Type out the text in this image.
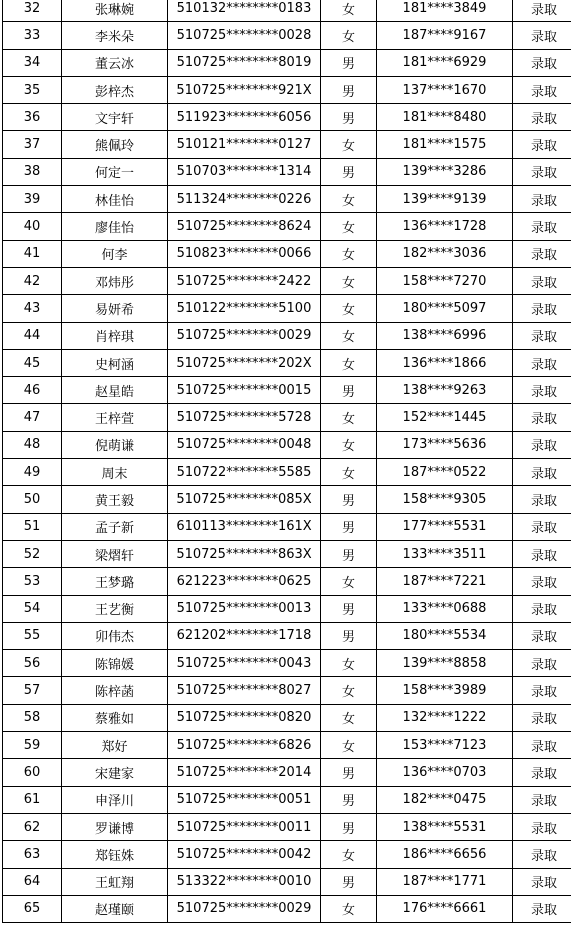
32	张琳婉	510132********0183	女	181****3849	录取
33	李米朵	510725********0028	女	187****9167	录取
34	董云冰	510725********8019	男	181****6929	录取
35	彭梓杰	510725********921X	男	137****1670	录取
36	文宇轩	511923********6056	男	181****8480	录取
37	熊佩玲	510121********0127	女	181****1575	录取
38	何定一	510703********1314	男	139****3286	录取
39	林佳怡	511324********0226	女	139****9139	录取
40	廖佳怡	510725********8624	女	136****1728	录取
41	何李	510823********0066	女	182****3036	录取
42	邓炜彤	510725********2422	女	158****7270	录取
43	易妍希	510122********5100	女	180****5097	录取
44	肖梓琪	510725********0029	女	138****6996	录取
45	史柯涵	510725********202X	女	136****1866	录取
46	赵星皓	510725********0015	男	138****9263	录取
47	王梓萱	510725********5728	女	152****1445	录取
48	倪萌谦	510725********0048	女	173****5636	录取
49	周末	510722********5585	女	187****0522	录取
50	黄王毅	510725********085X	男	158****9305	录取
51	孟子新	610113********161X	男	177****5531	录取
52	梁熠轩	510725********863X	男	133****3511	录取
53	王梦璐	621223********0625	女	187****7221	录取
54	王艺衡	510725********0013	男	133****0688	录取
55	卯伟杰	621202********1718	男	180****5534	录取
56	陈锦媛	510725********0043	女	139****8858	录取
57	陈梓菡	510725********8027	女	158****3989	录取
58	蔡雅如	510725********0820	女	132****1222	录取
59	郑好	510725********6826	女	153****7123	录取
60	宋建家	510725********2014	男	136****0703	录取
61	申泽川	510725********0051	男	182****0475	录取
62	罗谦博	510725********0011	男	138****5531	录取
63	郑钰姝	510725********0042	女	186****6656	录取
64	王虹翔	513322********0010	男	187****1771	录取
65	赵瑾颐	510725********0029	女	176****6661	录取
